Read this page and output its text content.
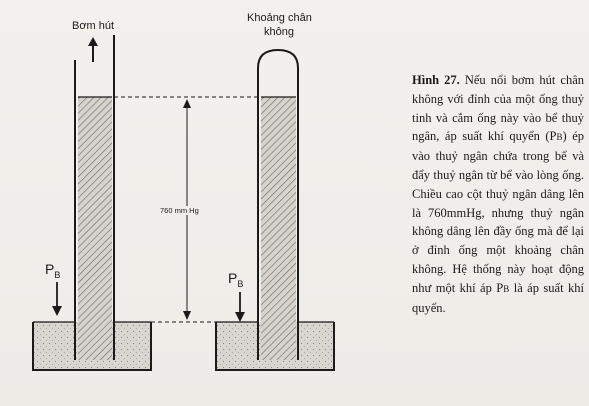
Bơm hút
Khoảng chân
không
760 mm Hg
$P_B$	$P_B$
Hình 27. Nếu nối bơm hút chân không với đỉnh của một ống thuỷ tinh và cắm ống này vào bể thuỷ ngân, áp suất khí quyển (PB) ép vào thuỷ ngân chứa trong bể và đẩy thuỷ ngân từ bể vào lòng ống. Chiều cao cột thuỷ ngân dâng lên là 760mmHg, nhưng thuỷ ngân không dâng lên đầy ống mà để lại ở đỉnh ống một khoảng chân không. Hệ thống này hoạt động như một khí áp PB là áp suất khí quyển.
